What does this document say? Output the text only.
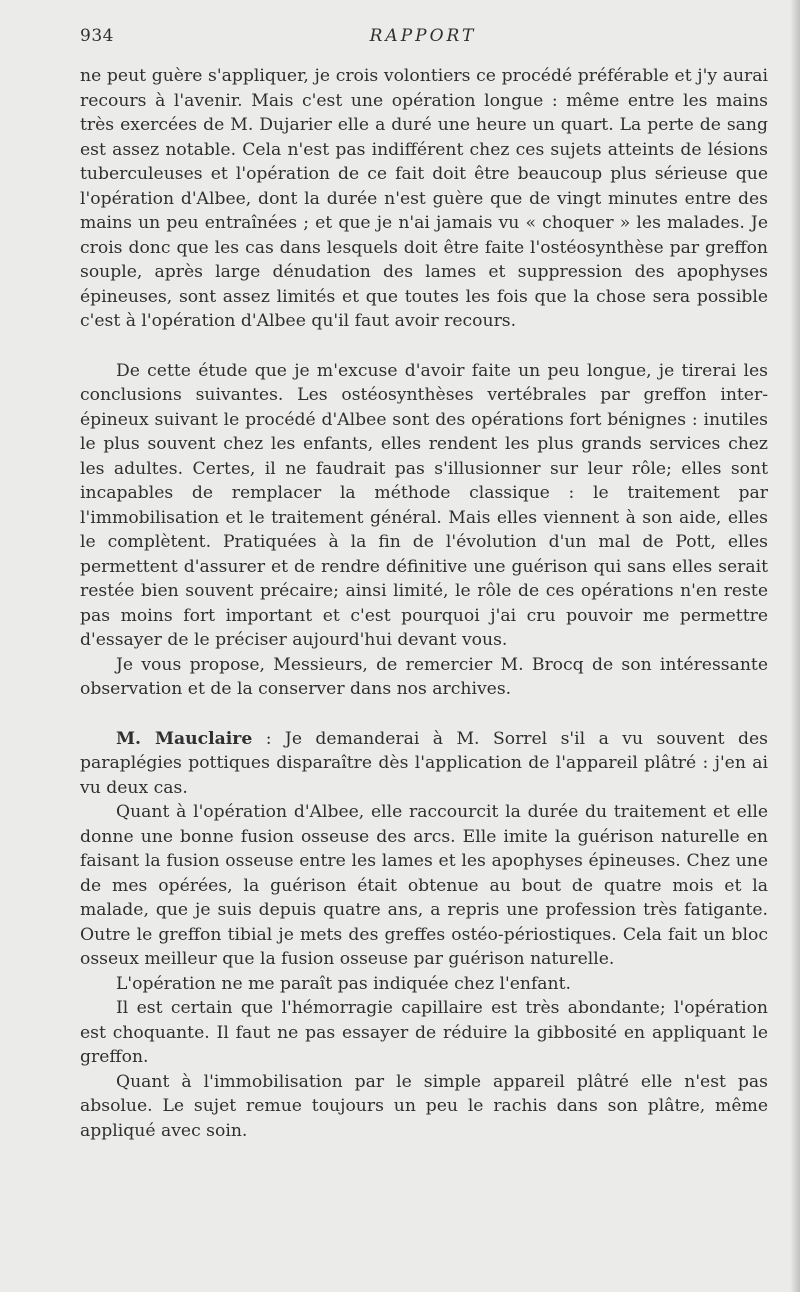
934	RAPPORT

ne peut guère s'appliquer, je crois volontiers ce procédé préférable et j'y aurai recours à l'avenir. Mais c'est une opération longue : même entre les mains très exercées de M. Dujarier elle a duré une heure un quart. La perte de sang est assez notable. Cela n'est pas indifférent chez ces sujets atteints de lésions tuberculeuses et l'opération de ce fait doit être beaucoup plus sérieuse que l'opération d'Albee, dont la durée n'est guère que de vingt minutes entre des mains un peu entraînées ; et que je n'ai jamais vu « choquer » les malades. Je crois donc que les cas dans lesquels doit être faite l'ostéosynthèse par greffon souple, après large dénudation des lames et suppression des apophyses épineuses, sont assez limités et que toutes les fois que la chose sera possible c'est à l'opération d'Albee qu'il faut avoir recours.

De cette étude que je m'excuse d'avoir faite un peu longue, je tirerai les conclusions suivantes. Les ostéosynthèses vertébrales par greffon inter-épineux suivant le procédé d'Albee sont des opérations fort bénignes : inutiles le plus souvent chez les enfants, elles rendent les plus grands services chez les adultes. Certes, il ne faudrait pas s'illusionner sur leur rôle; elles sont incapables de remplacer la méthode classique : le traitement par l'immobilisation et le traitement général. Mais elles viennent à son aide, elles le complètent. Pratiquées à la fin de l'évolution d'un mal de Pott, elles permettent d'assurer et de rendre définitive une guérison qui sans elles serait restée bien souvent précaire; ainsi limité, le rôle de ces opérations n'en reste pas moins fort important et c'est pourquoi j'ai cru pouvoir me permettre d'essayer de le préciser aujourd'hui devant vous.

Je vous propose, Messieurs, de remercier M. Brocq de son intéressante observation et de la conserver dans nos archives.

M. Mauclaire : Je demanderai à M. Sorrel s'il a vu souvent des paraplégies pottiques disparaître dès l'application de l'appareil plâtré : j'en ai vu deux cas.

Quant à l'opération d'Albee, elle raccourcit la durée du traitement et elle donne une bonne fusion osseuse des arcs. Elle imite la guérison naturelle en faisant la fusion osseuse entre les lames et les apophyses épineuses. Chez une de mes opérées, la guérison était obtenue au bout de quatre mois et la malade, que je suis depuis quatre ans, a repris une profession très fatigante. Outre le greffon tibial je mets des greffes ostéo-périostiques. Cela fait un bloc osseux meilleur que la fusion osseuse par guérison naturelle.

L'opération ne me paraît pas indiquée chez l'enfant.

Il est certain que l'hémorragie capillaire est très abondante; l'opération est choquante. Il faut ne pas essayer de réduire la gibbosité en appliquant le greffon.

Quant à l'immobilisation par le simple appareil plâtré elle n'est pas absolue. Le sujet remue toujours un peu le rachis dans son plâtre, même appliqué avec soin.
